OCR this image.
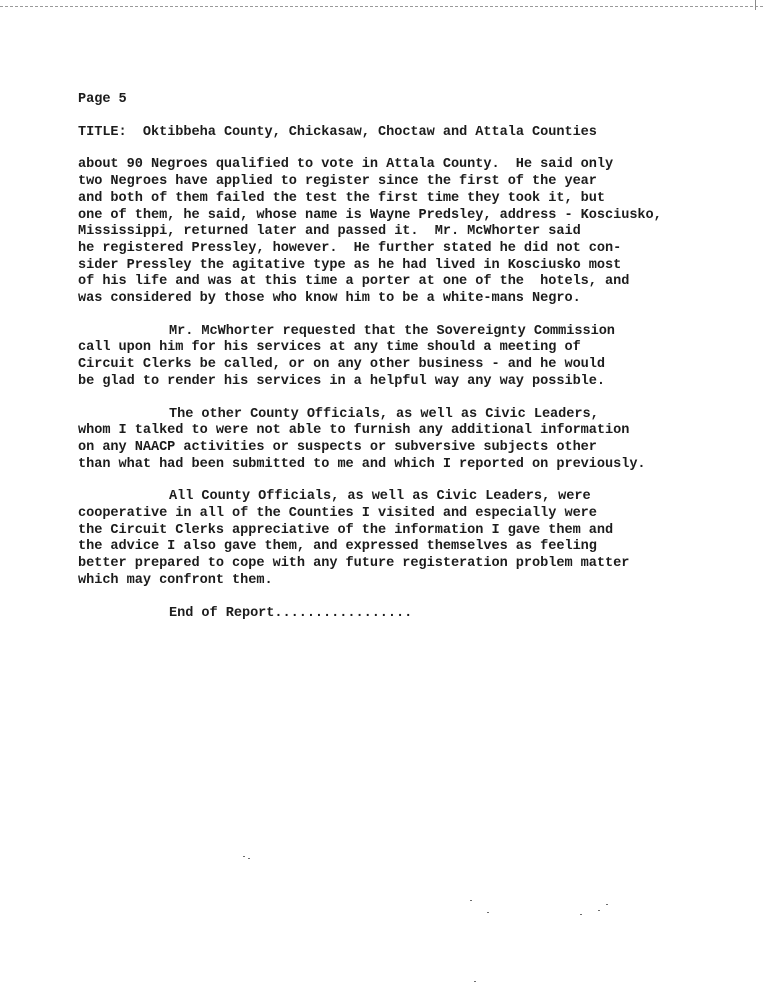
Page 5
TITLE: Oktibbeha County, Chickasaw, Choctaw and Attala Counties
about 90 Negroes qualified to vote in Attala County.  He said only
two Negroes have applied to register since the first of the year
and both of them failed the test the first time they took it, but
one of them, he said, whose name is Wayne Predsley, address - Kosciusko,
Mississippi, returned later and passed it.  Mr. McWhorter said
he registered Pressley, however.  He further stated he did not con-
sider Pressley the agitative type as he had lived in Kosciusko most
of his life and was at this time a porter at one of the  hotels, and
was considered by those who know him to be a white-mans Negro.
Mr. McWhorter requested that the Sovereignty Commission
call upon him for his services at any time should a meeting of
Circuit Clerks be called, or on any other business - and he would
be glad to render his services in a helpful way any way possible.
The other County Officials, as well as Civic Leaders,
whom I talked to were not able to furnish any additional information
on any NAACP activities or suspects or subversive subjects other
than what had been submitted to me and which I reported on previously.
All County Officials, as well as Civic Leaders, were
cooperative in all of the Counties I visited and especially were
the Circuit Clerks appreciative of the information I gave them and
the advice I also gave them, and expressed themselves as feeling
better prepared to cope with any future registeration problem matter
which may confront them.
End of Report.................
